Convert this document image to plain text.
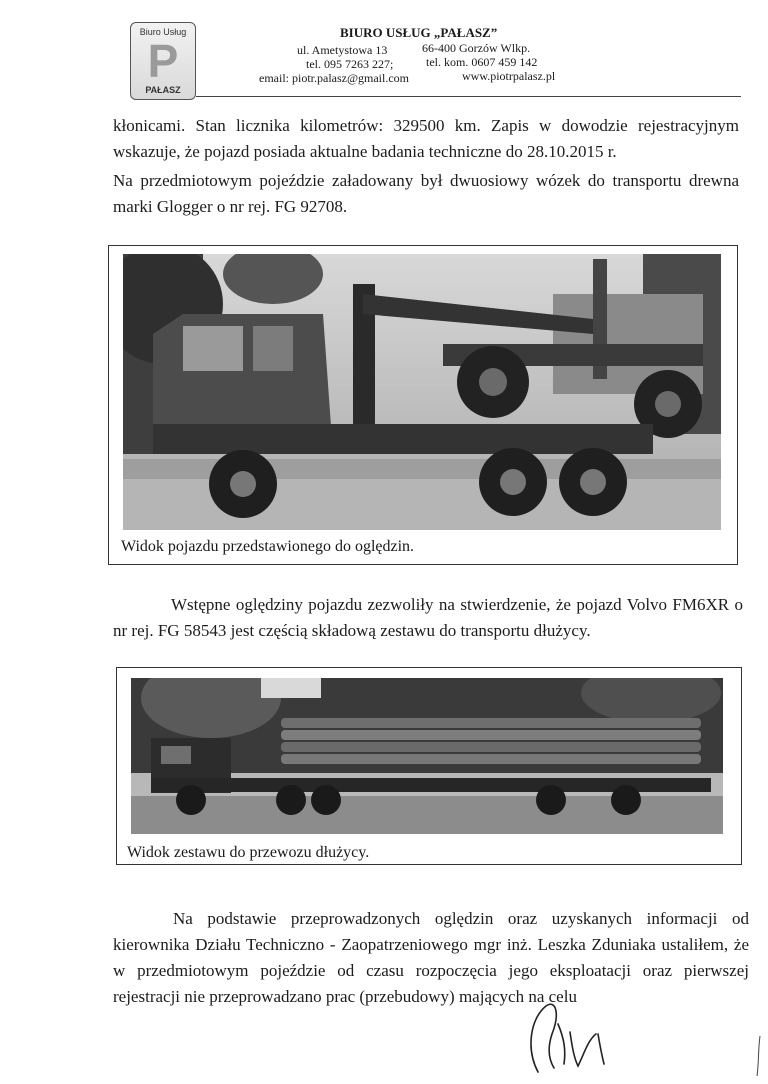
Biuro Usług
P
PAŁASZ
BIURO USŁUG „PAŁASZ”
ul. Ametystowa 13	66-400 Gorzów Wlkp.
tel. 095 7263 227;	tel. kom. 0607 459 142
email: piotr.palasz@gmail.com	www.piotrpalasz.pl
kłonicami. Stan licznika kilometrów: 329500 km. Zapis w dowodzie rejestracyjnym wskazuje, że pojazd posiada aktualne badania techniczne do 28.10.2015 r.
Na przedmiotowym pojeździe załadowany był dwuosiowy wózek do transportu drewna marki Glogger o nr rej. FG 92708.
Widok pojazdu przedstawionego do oględzin.
Wstępne oględziny pojazdu zezwoliły na stwierdzenie, że pojazd Volvo FM6XR o nr rej. FG 58543 jest częścią składową zestawu do transportu dłużycy.
Widok zestawu do przewozu dłużycy.
Na podstawie przeprowadzonych oględzin oraz uzyskanych informacji od kierownika Działu Techniczno - Zaopatrzeniowego mgr inż. Leszka Zduniaka ustaliłem, że w przedmiotowym pojeździe od czasu rozpoczęcia jego eksploatacji oraz pierwszej rejestracji nie przeprowadzano prac (przebudowy) mających na celu
